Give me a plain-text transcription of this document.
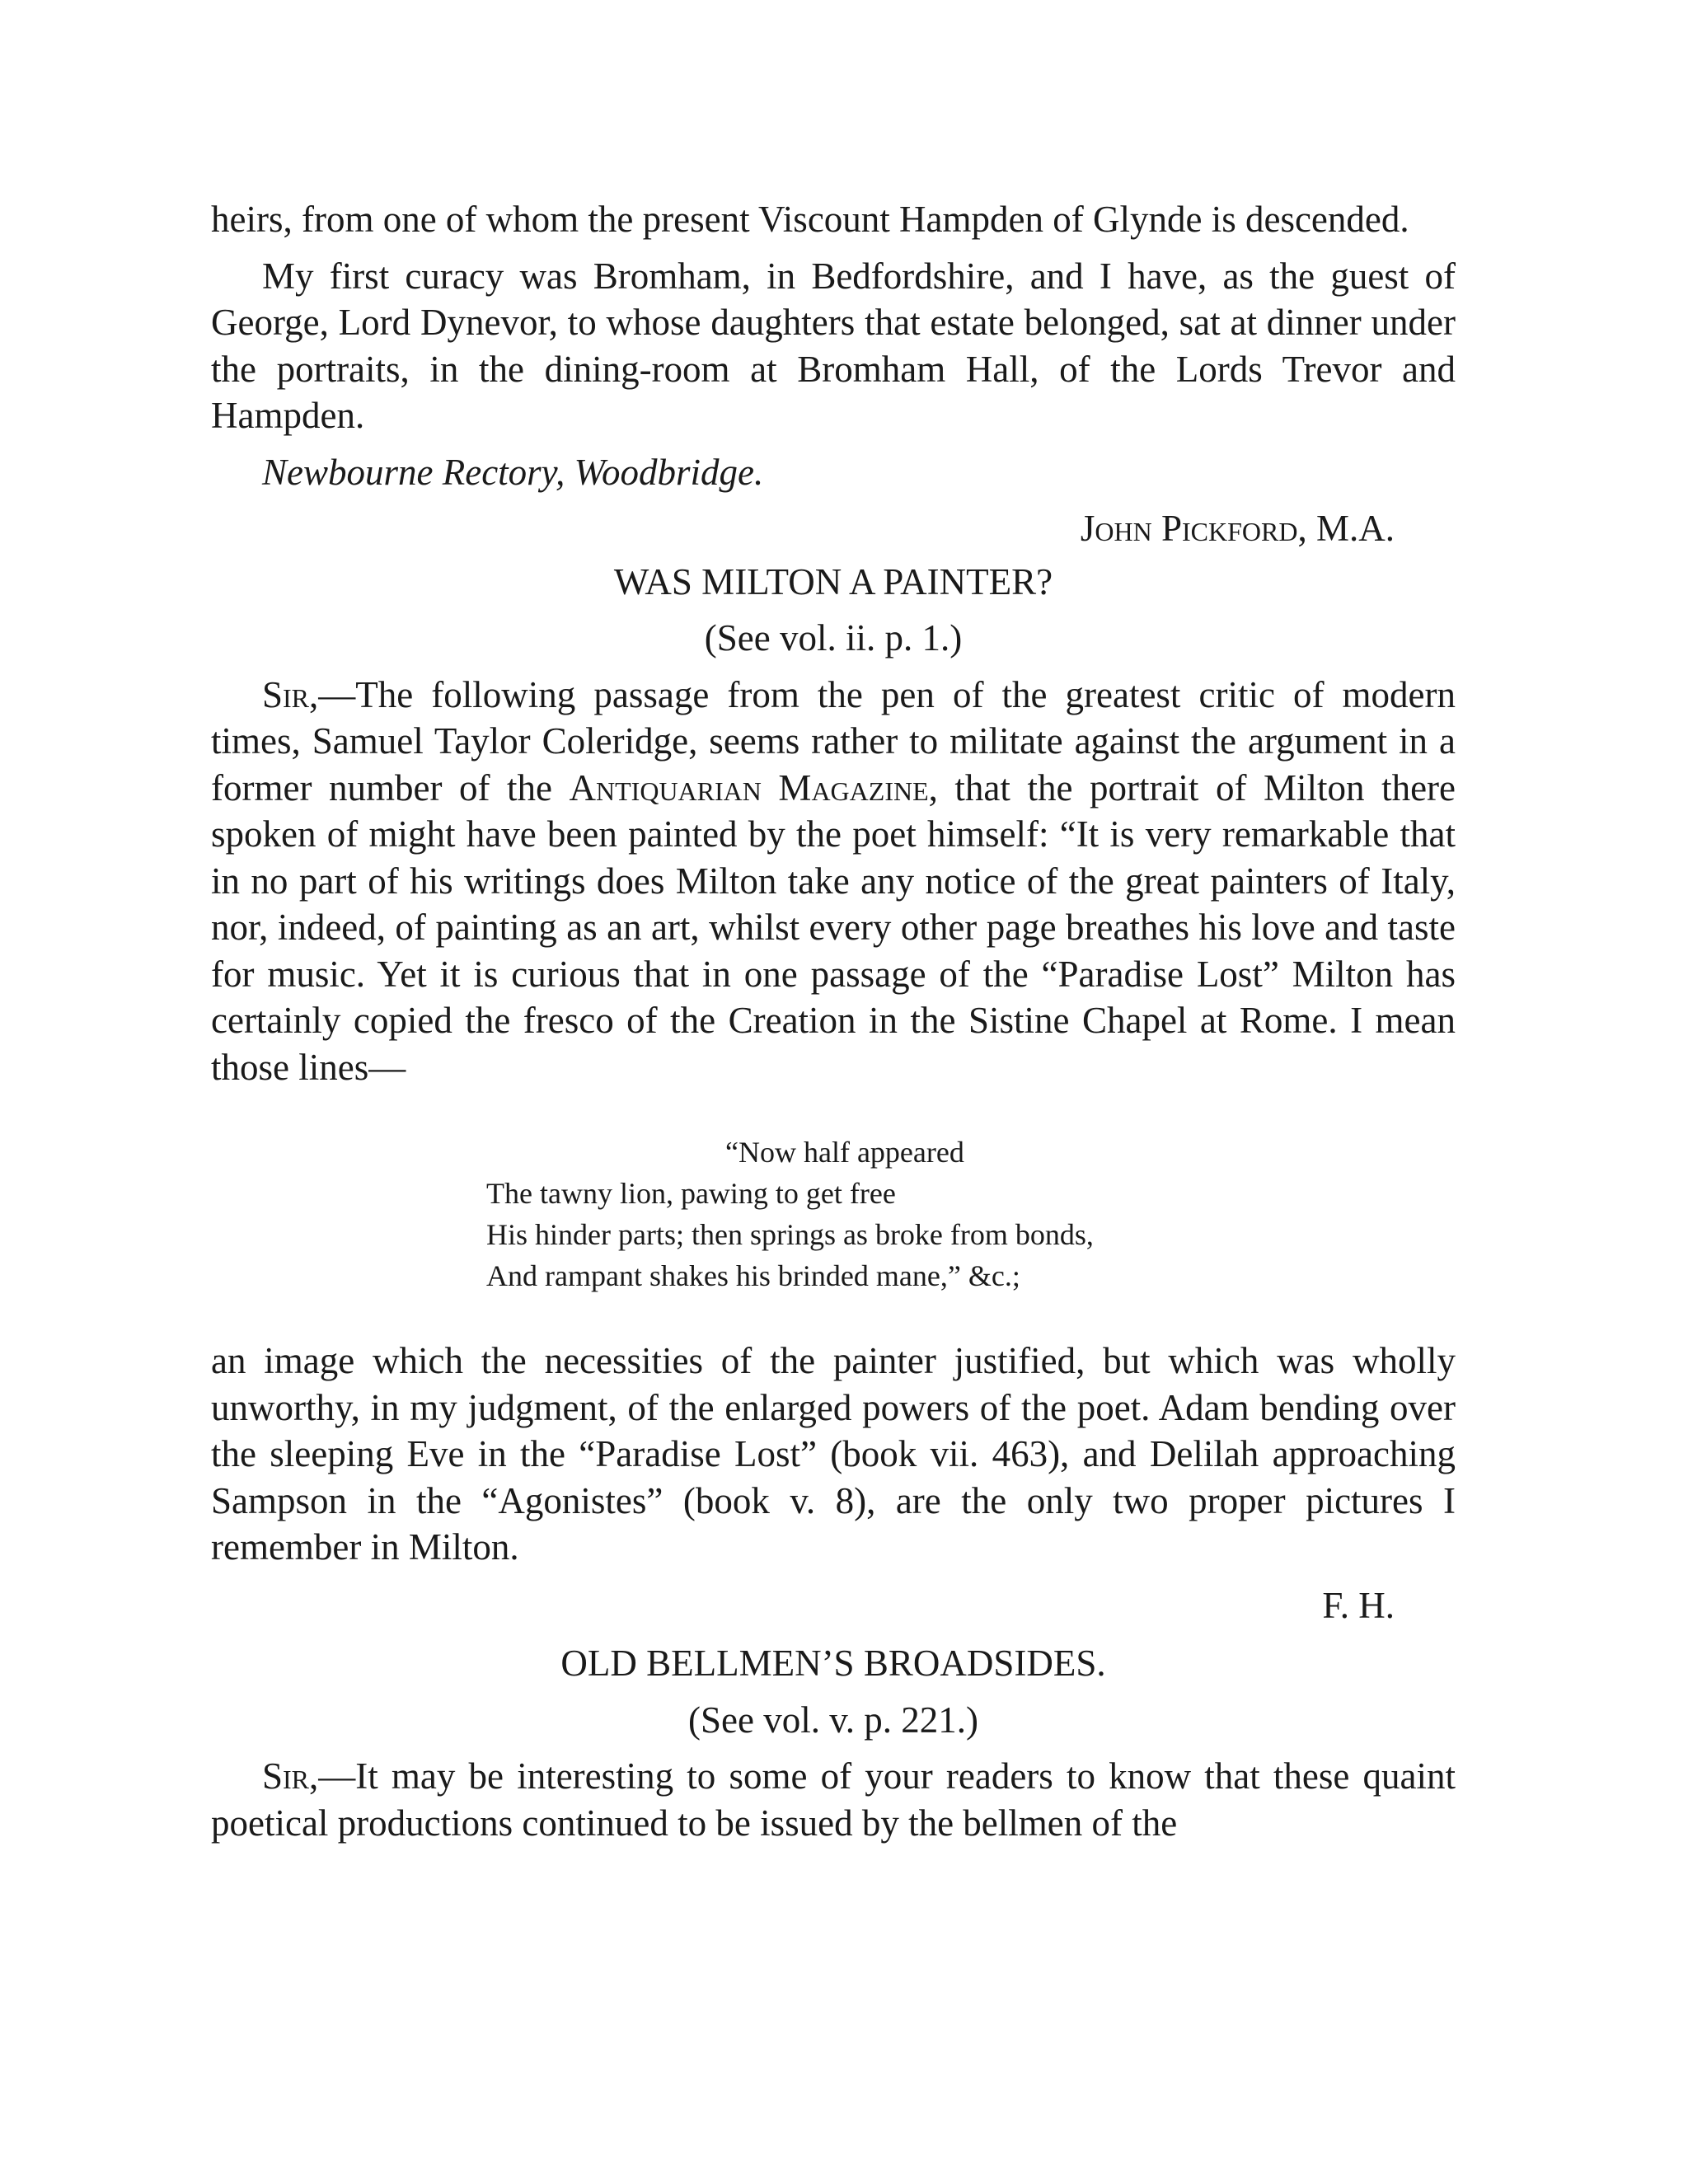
heirs, from one of whom the present Viscount Hampden of Glynde is descended.

My first curacy was Bromham, in Bedfordshire, and I have, as the guest of George, Lord Dynevor, to whose daughters that estate belonged, sat at dinner under the portraits, in the dining-room at Bromham Hall, of the Lords Trevor and Hampden.

Newbourne Rectory, Woodbridge.

John Pickford, M.A.
WAS MILTON A PAINTER?
(See vol. ii. p. 1.)

Sir,—The following passage from the pen of the greatest critic of modern times, Samuel Taylor Coleridge, seems rather to militate against the argument in a former number of the Antiquarian Magazine, that the portrait of Milton there spoken of might have been painted by the poet himself: “It is very remarkable that in no part of his writings does Milton take any notice of the great painters of Italy, nor, indeed, of painting as an art, whilst every other page breathes his love and taste for music. Yet it is curious that in one passage of the “Paradise Lost” Milton has certainly copied the fresco of the Creation in the Sistine Chapel at Rome. I mean those lines—

“Now half appeared
The tawny lion, pawing to get free
His hinder parts; then springs as broke from bonds,
And rampant shakes his brinded mane,” &c.;

an image which the necessities of the painter justified, but which was wholly unworthy, in my judgment, of the enlarged powers of the poet. Adam bending over the sleeping Eve in the “Paradise Lost” (book vii. 463), and Delilah approaching Sampson in the “Agonistes” (book v. 8), are the only two proper pictures I remember in Milton.

F. H.
OLD BELLMEN’S BROADSIDES.
(See vol. v. p. 221.)

Sir,—It may be interesting to some of your readers to know that these quaint poetical productions continued to be issued by the bellmen of the
